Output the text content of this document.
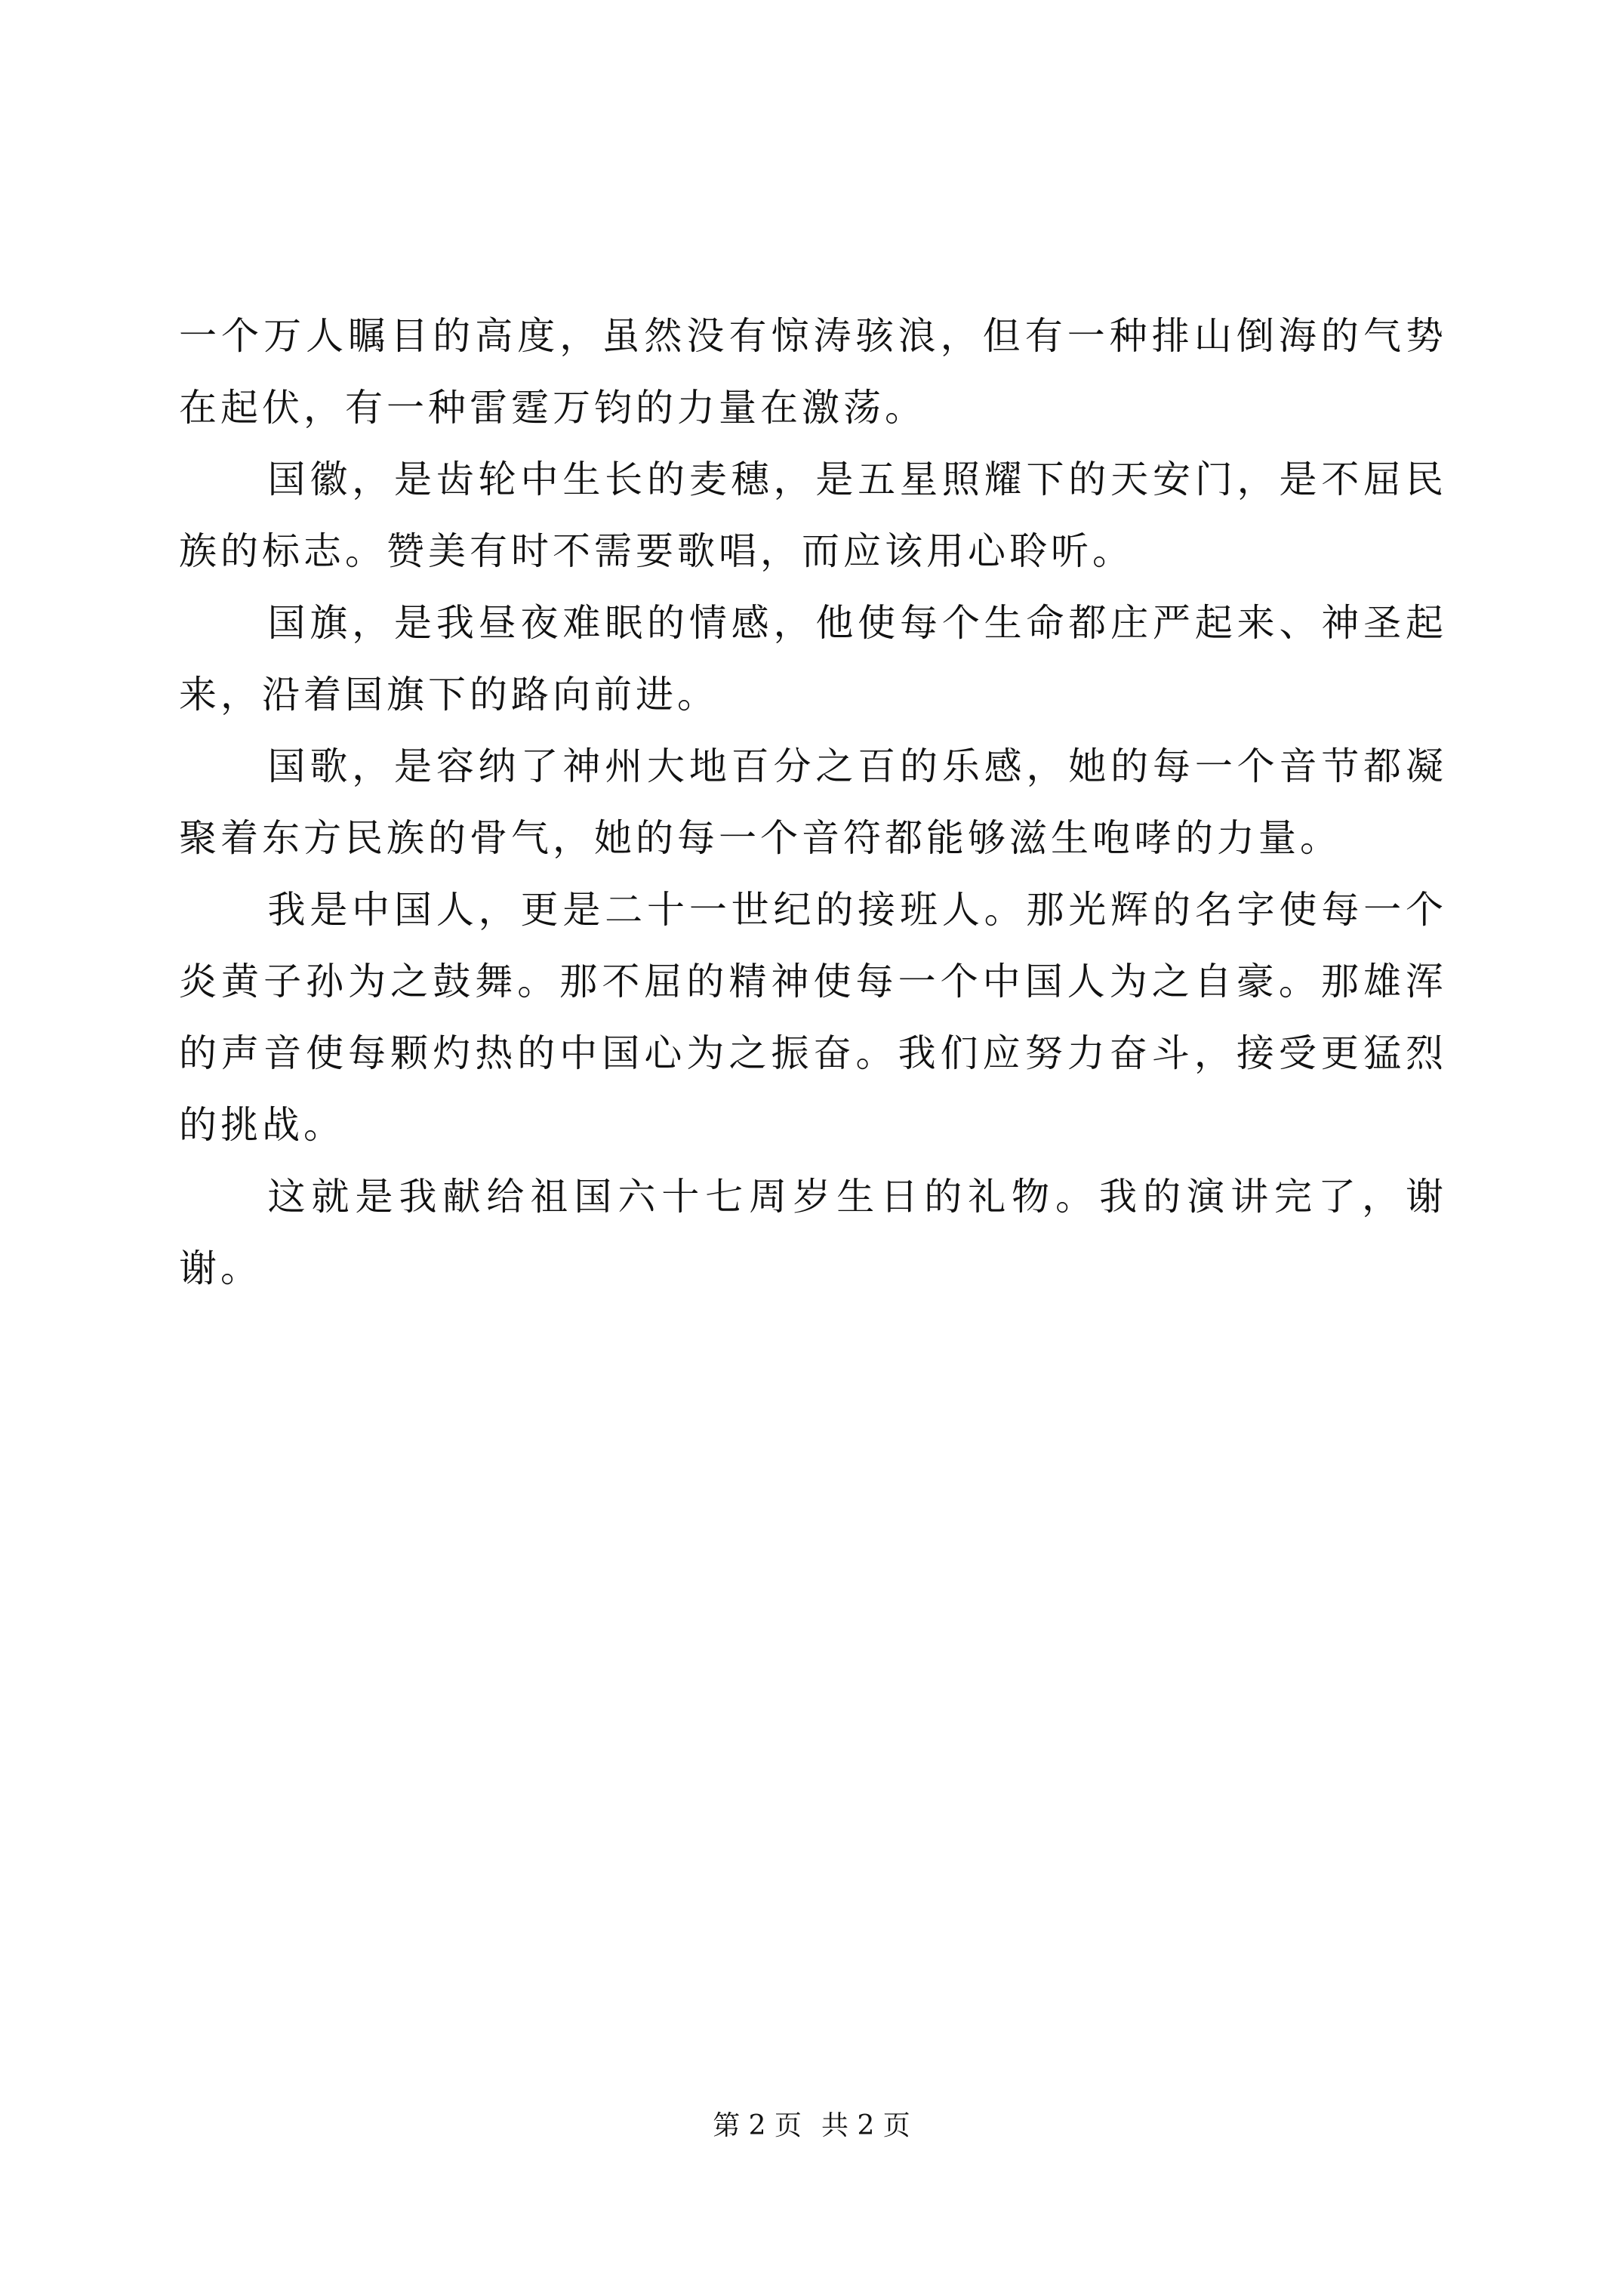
一个万人瞩目的高度，虽然没有惊涛骇浪，但有一种排山倒海的气势在起伏，有一种雷霆万钧的力量在激荡。

国徽，是齿轮中生长的麦穗，是五星照耀下的天安门，是不屈民族的标志。赞美有时不需要歌唱，而应该用心聆听。

国旗，是我昼夜难眠的情感，他使每个生命都庄严起来、神圣起来，沿着国旗下的路向前进。

国歌，是容纳了神州大地百分之百的乐感，她的每一个音节都凝聚着东方民族的骨气，她的每一个音符都能够滋生咆哮的力量。

我是中国人，更是二十一世纪的接班人。那光辉的名字使每一个炎黄子孙为之鼓舞。那不屈的精神使每一个中国人为之自豪。那雄浑的声音使每颗灼热的中国心为之振奋。我们应努力奋斗，接受更猛烈的挑战。

这就是我献给祖国六十七周岁生日的礼物。我的演讲完了，谢谢。

第 2 页 共 2 页
